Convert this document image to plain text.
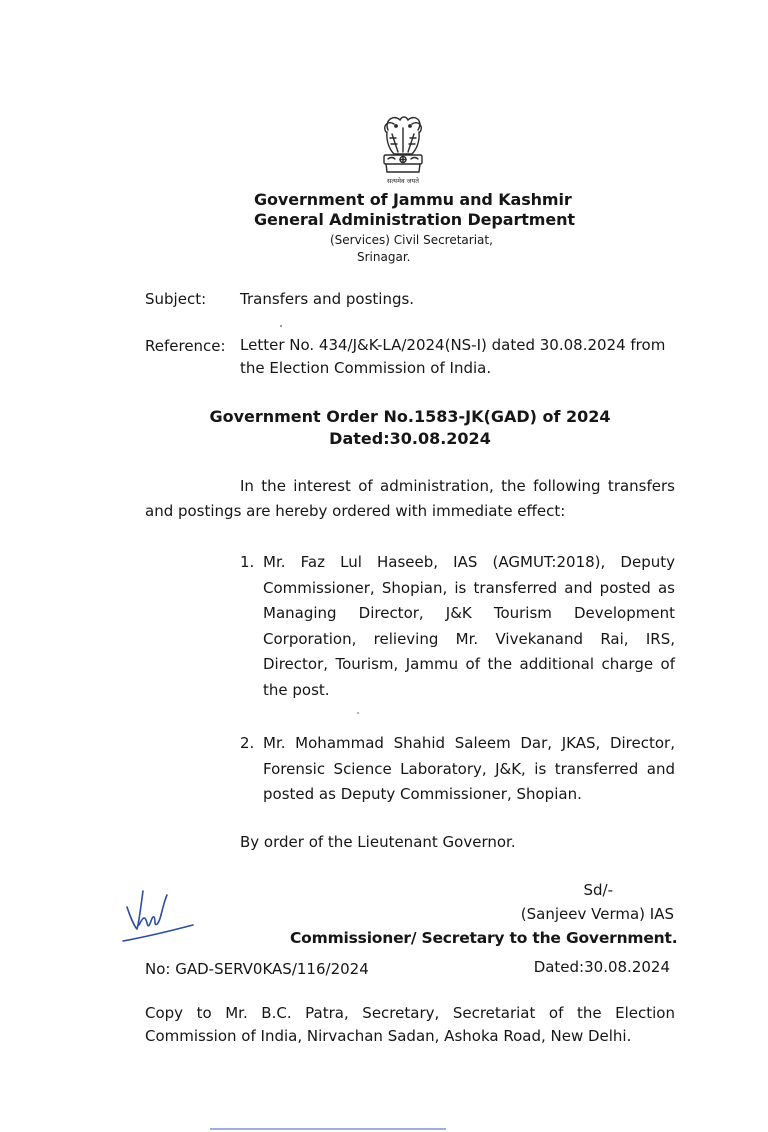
सत्यमेव जयते
Government of Jammu and Kashmir
General Administration Department
(Services) Civil Secretariat,
Srinagar.
Subject: Transfers and postings.
Reference: Letter No. 434/J&K-LA/2024(NS-I) dated 30.08.2024 from
the Election Commission of India.
Government Order No.1583-JK(GAD) of 2024
Dated:30.08.2024
In the interest of administration, the following transfers
and postings are hereby ordered with immediate effect:
1. Mr. Faz Lul Haseeb, IAS (AGMUT:2018), Deputy Commissioner, Shopian, is transferred and posted as Managing Director, J&K Tourism Development Corporation, relieving Mr. Vivekanand Rai, IRS, Director, Tourism, Jammu of the additional charge of the post.
2. Mr. Mohammad Shahid Saleem Dar, JKAS, Director, Forensic Science Laboratory, J&K, is transferred and posted as Deputy Commissioner, Shopian.
By order of the Lieutenant Governor.
Sd/-
(Sanjeev Verma) IAS
Commissioner/ Secretary to the Government.
No: GAD-SERV0KAS/116/2024	Dated:30.08.2024
Copy to Mr. B.C. Patra, Secretary, Secretariat of the Election
Commission of India, Nirvachan Sadan, Ashoka Road, New Delhi.
